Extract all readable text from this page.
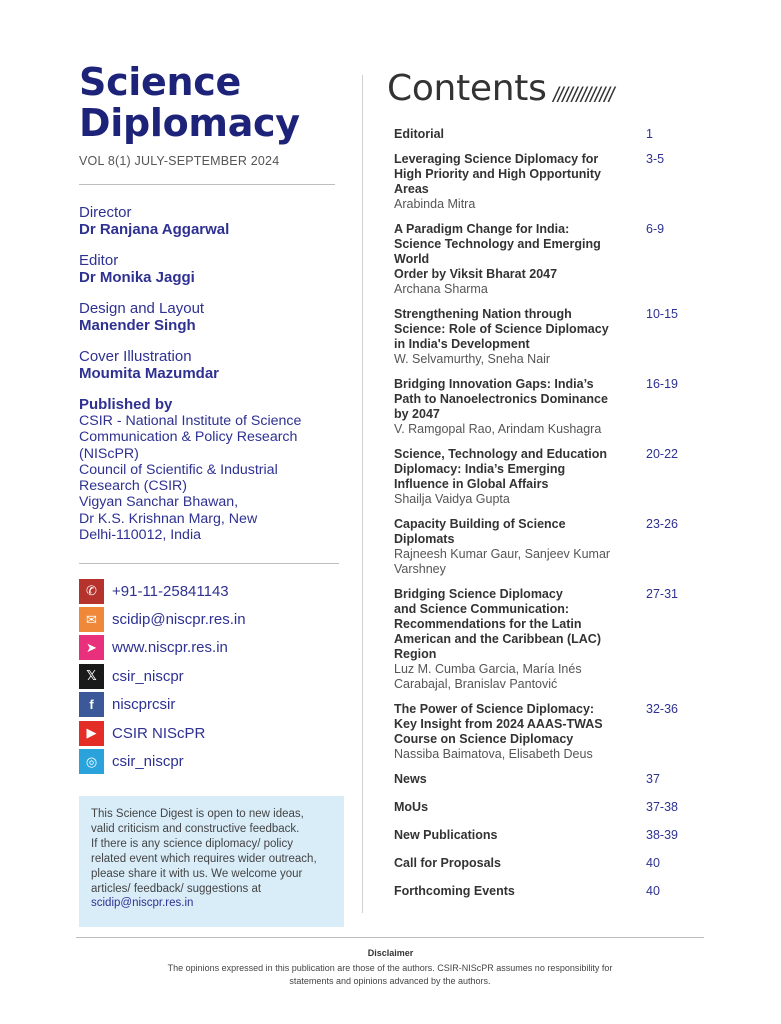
Science
Diplomacy
VOL 8(1) JULY-SEPTEMBER 2024
Director
Dr Ranjana Aggarwal
Editor
Dr Monika Jaggi
Design and Layout
Manender Singh
Cover Illustration
Moumita Mazumdar
Published by
CSIR - National Institute of Science
Communication & Policy Research
(NIScPR)
Council of Scientific & Industrial
Research (CSIR)
Vigyan Sanchar Bhawan,
Dr K.S. Krishnan Marg, New
Delhi-110012, India
✆	+91-11-25841143
✉	scidip@niscpr.res.in
➤	www.niscpr.res.in
𝕏	csir_niscpr
f	niscprcsir
▶	CSIR NIScPR
◎ csir_niscpr
This Science Digest is open to new ideas,
valid criticism and constructive feedback.
If there is any science diplomacy/ policy
related event which requires wider outreach,
please share it with us. We welcome your
articles/ feedback/ suggestions at
scidip@niscpr.res.in
Contents /////////////
Editorial	1
Leveraging Science Diplomacy for
High Priority and High Opportunity
Areas
Arabinda Mitra
3-5
A Paradigm Change for India:
Science Technology and Emerging
World
Order by Viksit Bharat 2047
Archana Sharma
6-9
Strengthening Nation through
Science: Role of Science Diplomacy
in India's Development
W. Selvamurthy, Sneha Nair
10-15
Bridging Innovation Gaps: India’s
Path to Nanoelectronics Dominance
by 2047
V. Ramgopal Rao, Arindam Kushagra
16-19
Science, Technology and Education
Diplomacy: India’s Emerging
Influence in Global Affairs
Shailja Vaidya Gupta
20-22
Capacity Building of Science
Diplomats
Rajneesh Kumar Gaur, Sanjeev Kumar
Varshney
23-26
Bridging Science Diplomacy
and Science Communication:
Recommendations for the Latin
American and the Caribbean (LAC)
Region
Luz M. Cumba Garcia, María Inés
Carabajal, Branislav Pantović
27-31
The Power of Science Diplomacy:
Key Insight from 2024 AAAS-TWAS
Course on Science Diplomacy
Nassiba Baimatova, Elisabeth Deus
32-36
News	37
MoUs	37-38
New Publications	38-39
Call for Proposals	40
Forthcoming Events	40
Disclaimer
The opinions expressed in this publication are those of the authors. CSIR-NIScPR assumes no responsibility for
statements and opinions advanced by the authors.
